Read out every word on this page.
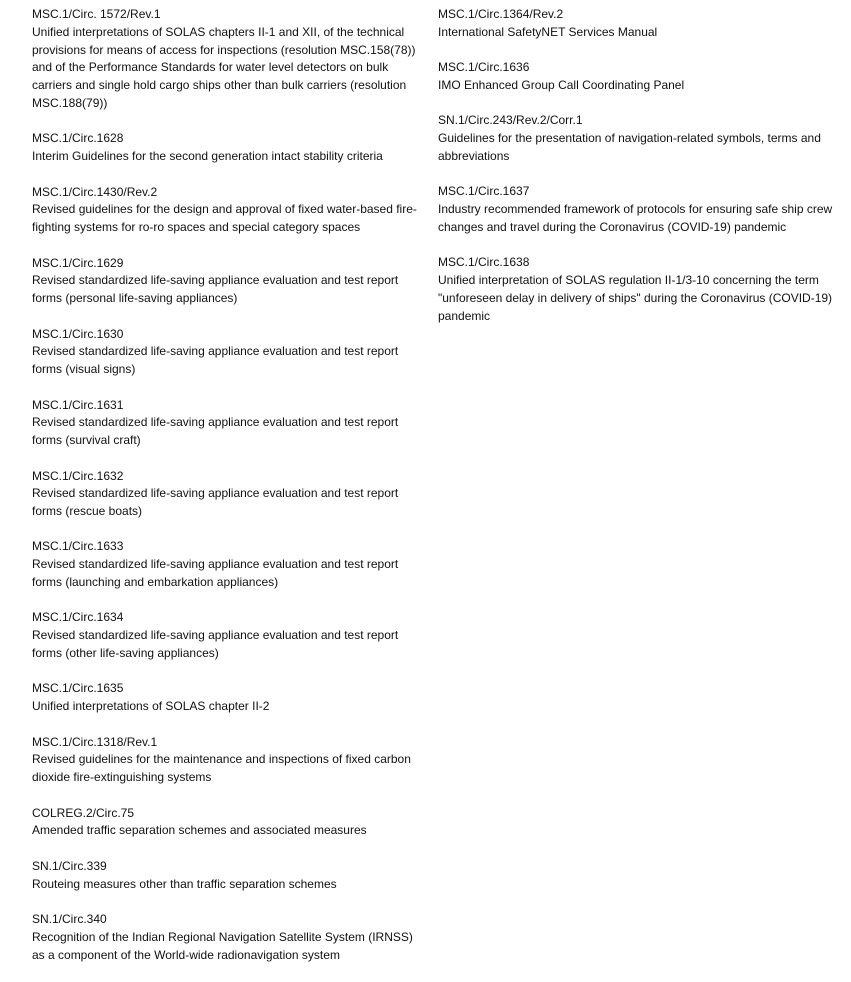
MSC.1/Circ. 1572/Rev.1
Unified interpretations of SOLAS chapters II-1 and XII, of the technical provisions for means of access for inspections (resolution MSC.158(78)) and of the Performance Standards for water level detectors on bulk carriers and single hold cargo ships other than bulk carriers (resolution MSC.188(79))
MSC.1/Circ.1628
Interim Guidelines for the second generation intact stability criteria
MSC.1/Circ.1430/Rev.2
Revised guidelines for the design and approval of fixed water-based fire-fighting systems for ro-ro spaces and special category spaces
MSC.1/Circ.1629
Revised standardized life-saving appliance evaluation and test report forms (personal life-saving appliances)
MSC.1/Circ.1630
Revised standardized life-saving appliance evaluation and test report forms (visual signs)
MSC.1/Circ.1631
Revised standardized life-saving appliance evaluation and test report forms (survival craft)
MSC.1/Circ.1632
Revised standardized life-saving appliance evaluation and test report forms (rescue boats)
MSC.1/Circ.1633
Revised standardized life-saving appliance evaluation and test report forms (launching and embarkation appliances)
MSC.1/Circ.1634
Revised standardized life-saving appliance evaluation and test report forms (other life-saving appliances)
MSC.1/Circ.1635
Unified interpretations of SOLAS chapter II-2
MSC.1/Circ.1318/Rev.1
Revised guidelines for the maintenance and inspections of fixed carbon dioxide fire-extinguishing systems
COLREG.2/Circ.75
Amended traffic separation schemes and associated measures
SN.1/Circ.339
Routeing measures other than traffic separation schemes
SN.1/Circ.340
Recognition of the Indian Regional Navigation Satellite System (IRNSS) as a component of the World-wide radionavigation system
MSC.1/Circ.1364/Rev.2
International SafetyNET Services Manual
MSC.1/Circ.1636
IMO Enhanced Group Call Coordinating Panel
SN.1/Circ.243/Rev.2/Corr.1
Guidelines for the presentation of navigation-related symbols, terms and abbreviations
MSC.1/Circ.1637
Industry recommended framework of protocols for ensuring safe ship crew changes and travel during the Coronavirus (COVID-19) pandemic
MSC.1/Circ.1638
Unified interpretation of SOLAS regulation II-1/3-10 concerning the term "unforeseen delay in delivery of ships" during the Coronavirus (COVID-19) pandemic
